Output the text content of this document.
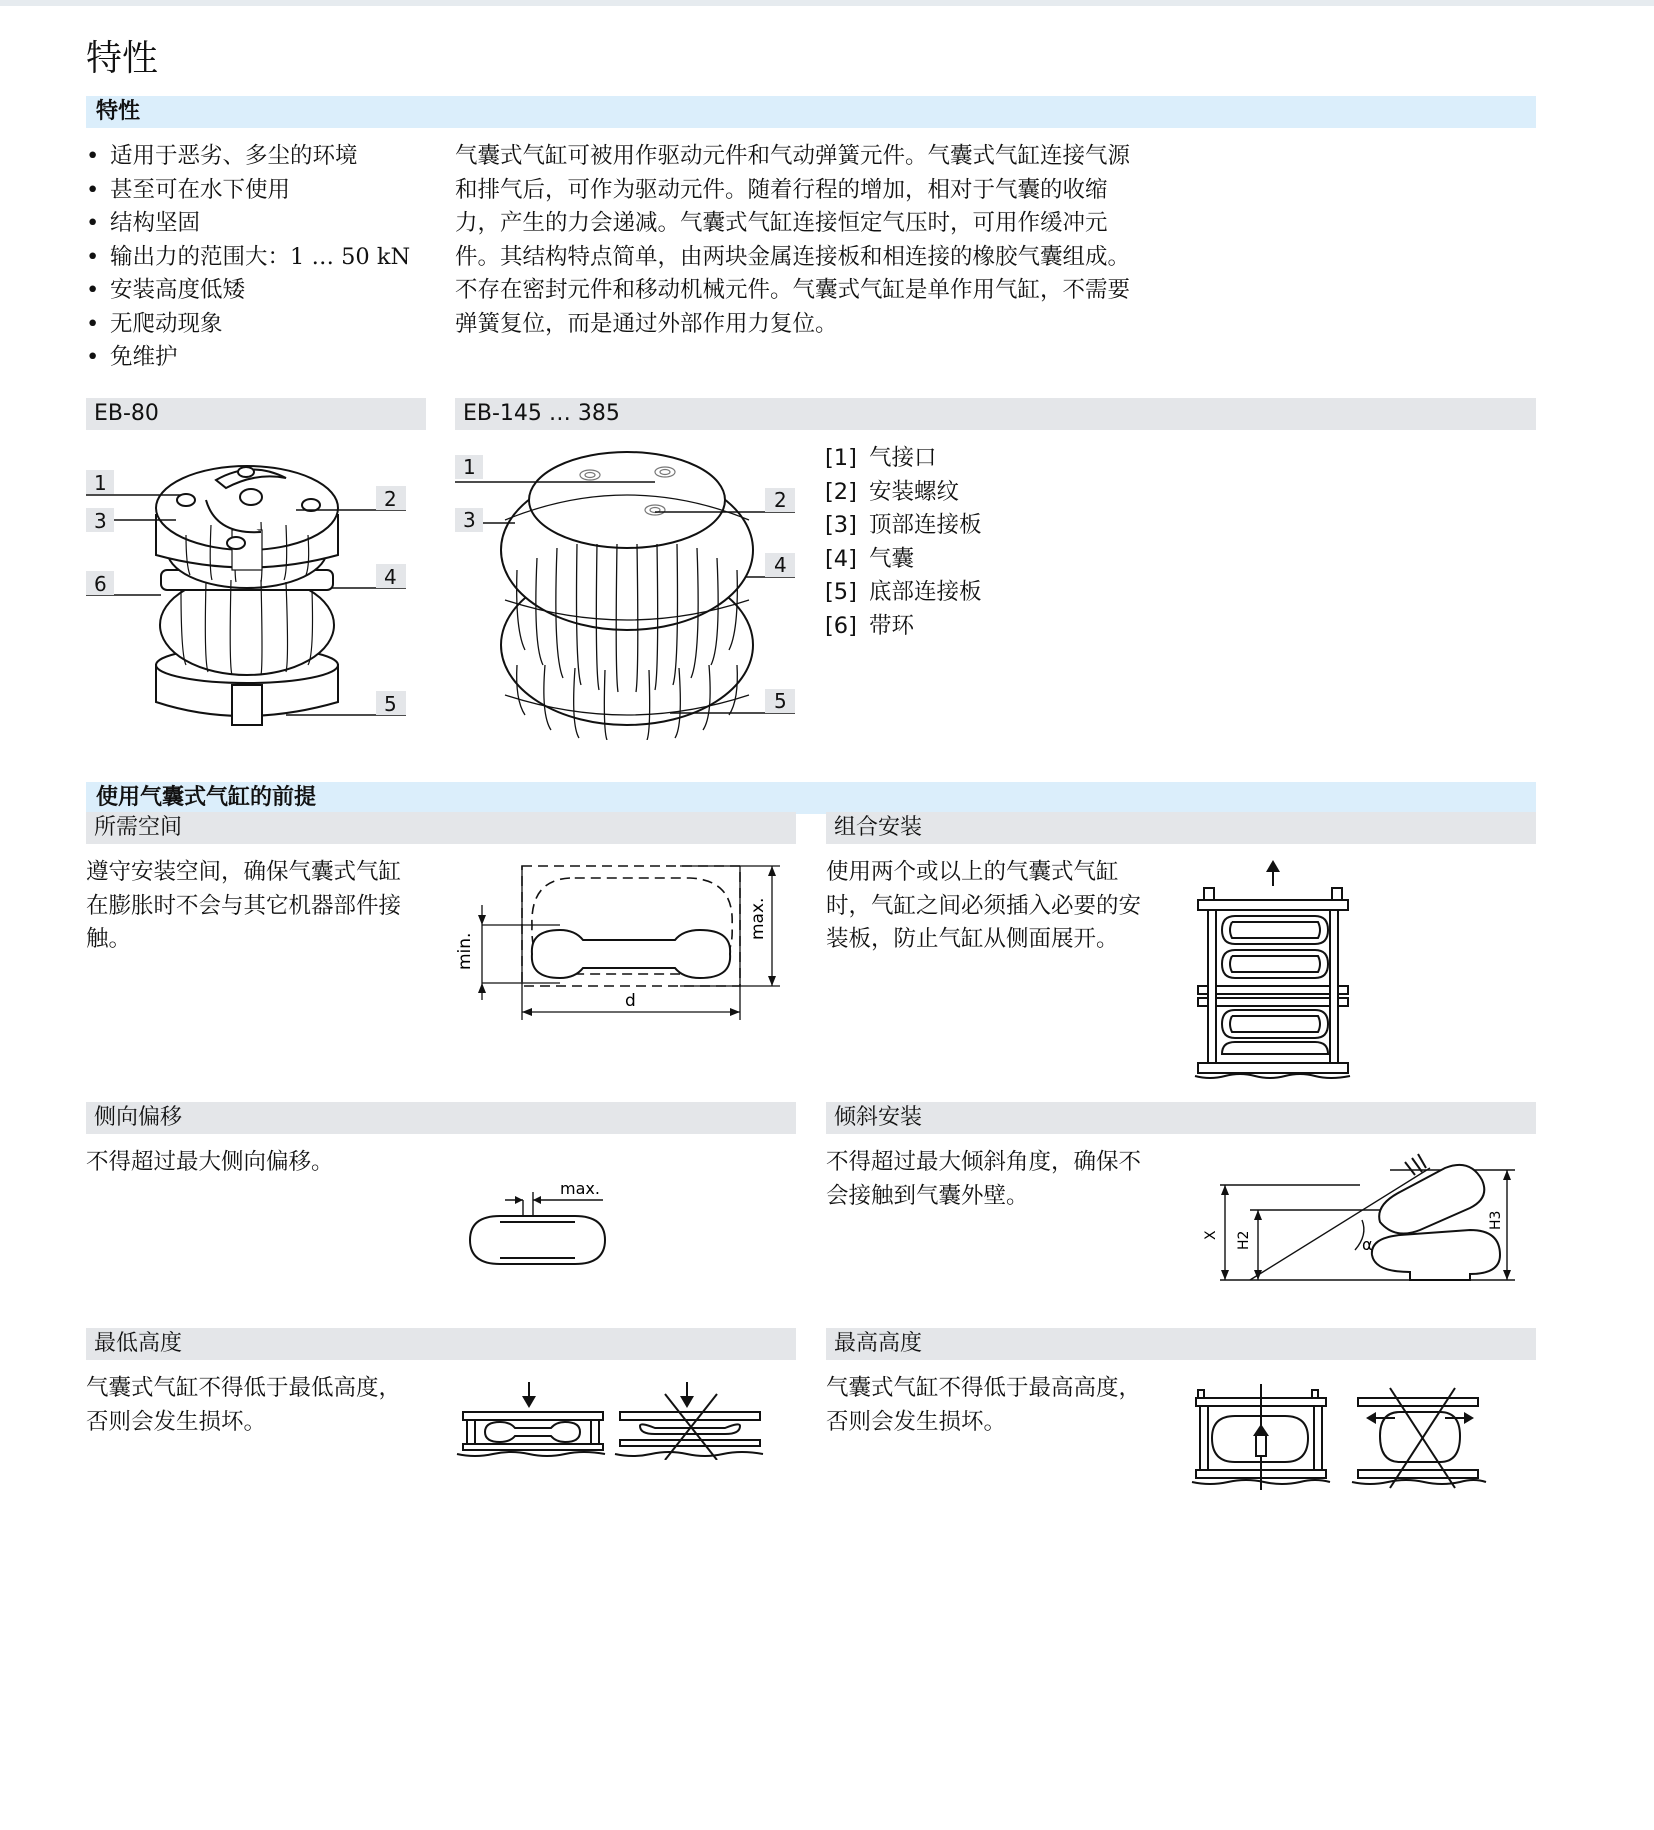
特性
特性
• 适用于恶劣、多尘的环境
• 甚至可在水下使用
• 结构坚固
• 输出力的范围大：1 … 50 kN
• 安装高度低矮
• 无爬动现象
• 免维护
气囊式气缸可被用作驱动元件和气动弹簧元件。气囊式气缸连接气源
和排气后，可作为驱动元件。随着行程的增加，相对于气囊的收缩
力，产生的力会递减。气囊式气缸连接恒定气压时，可用作缓冲元
件。其结构特点简单，由两块金属连接板和相连接的橡胶气囊组成。
不存在密封元件和移动机械元件。气囊式气缸是单作用气缸，不需要
弹簧复位，而是通过外部作用力复位。
EB-80	EB-145 … 385
1
3
6
2
4
5
1
3
2
4
5
[1] 气接口
[2] 安装螺纹
[3] 顶部连接板
[4] 气囊
[5] 底部连接板
[6] 带环
使用气囊式气缸的前提
所需空间
遵守安装空间，确保气囊式气缸
在膨胀时不会与其它机器部件接
触。	min.
max.
d
组合安装
使用两个或以上的气囊式气缸
时，气缸之间必须插入必要的安
装板，防止气缸从侧面展开。
侧向偏移
不得超过最大侧向偏移。
max.
倾斜安装
不得超过最大倾斜角度，确保不
会接触到气囊外壁。
X H2
H3
α
最低高度
气囊式气缸不得低于最低高度，
否则会发生损坏。
最高高度
气囊式气缸不得低于最高高度，
否则会发生损坏。
